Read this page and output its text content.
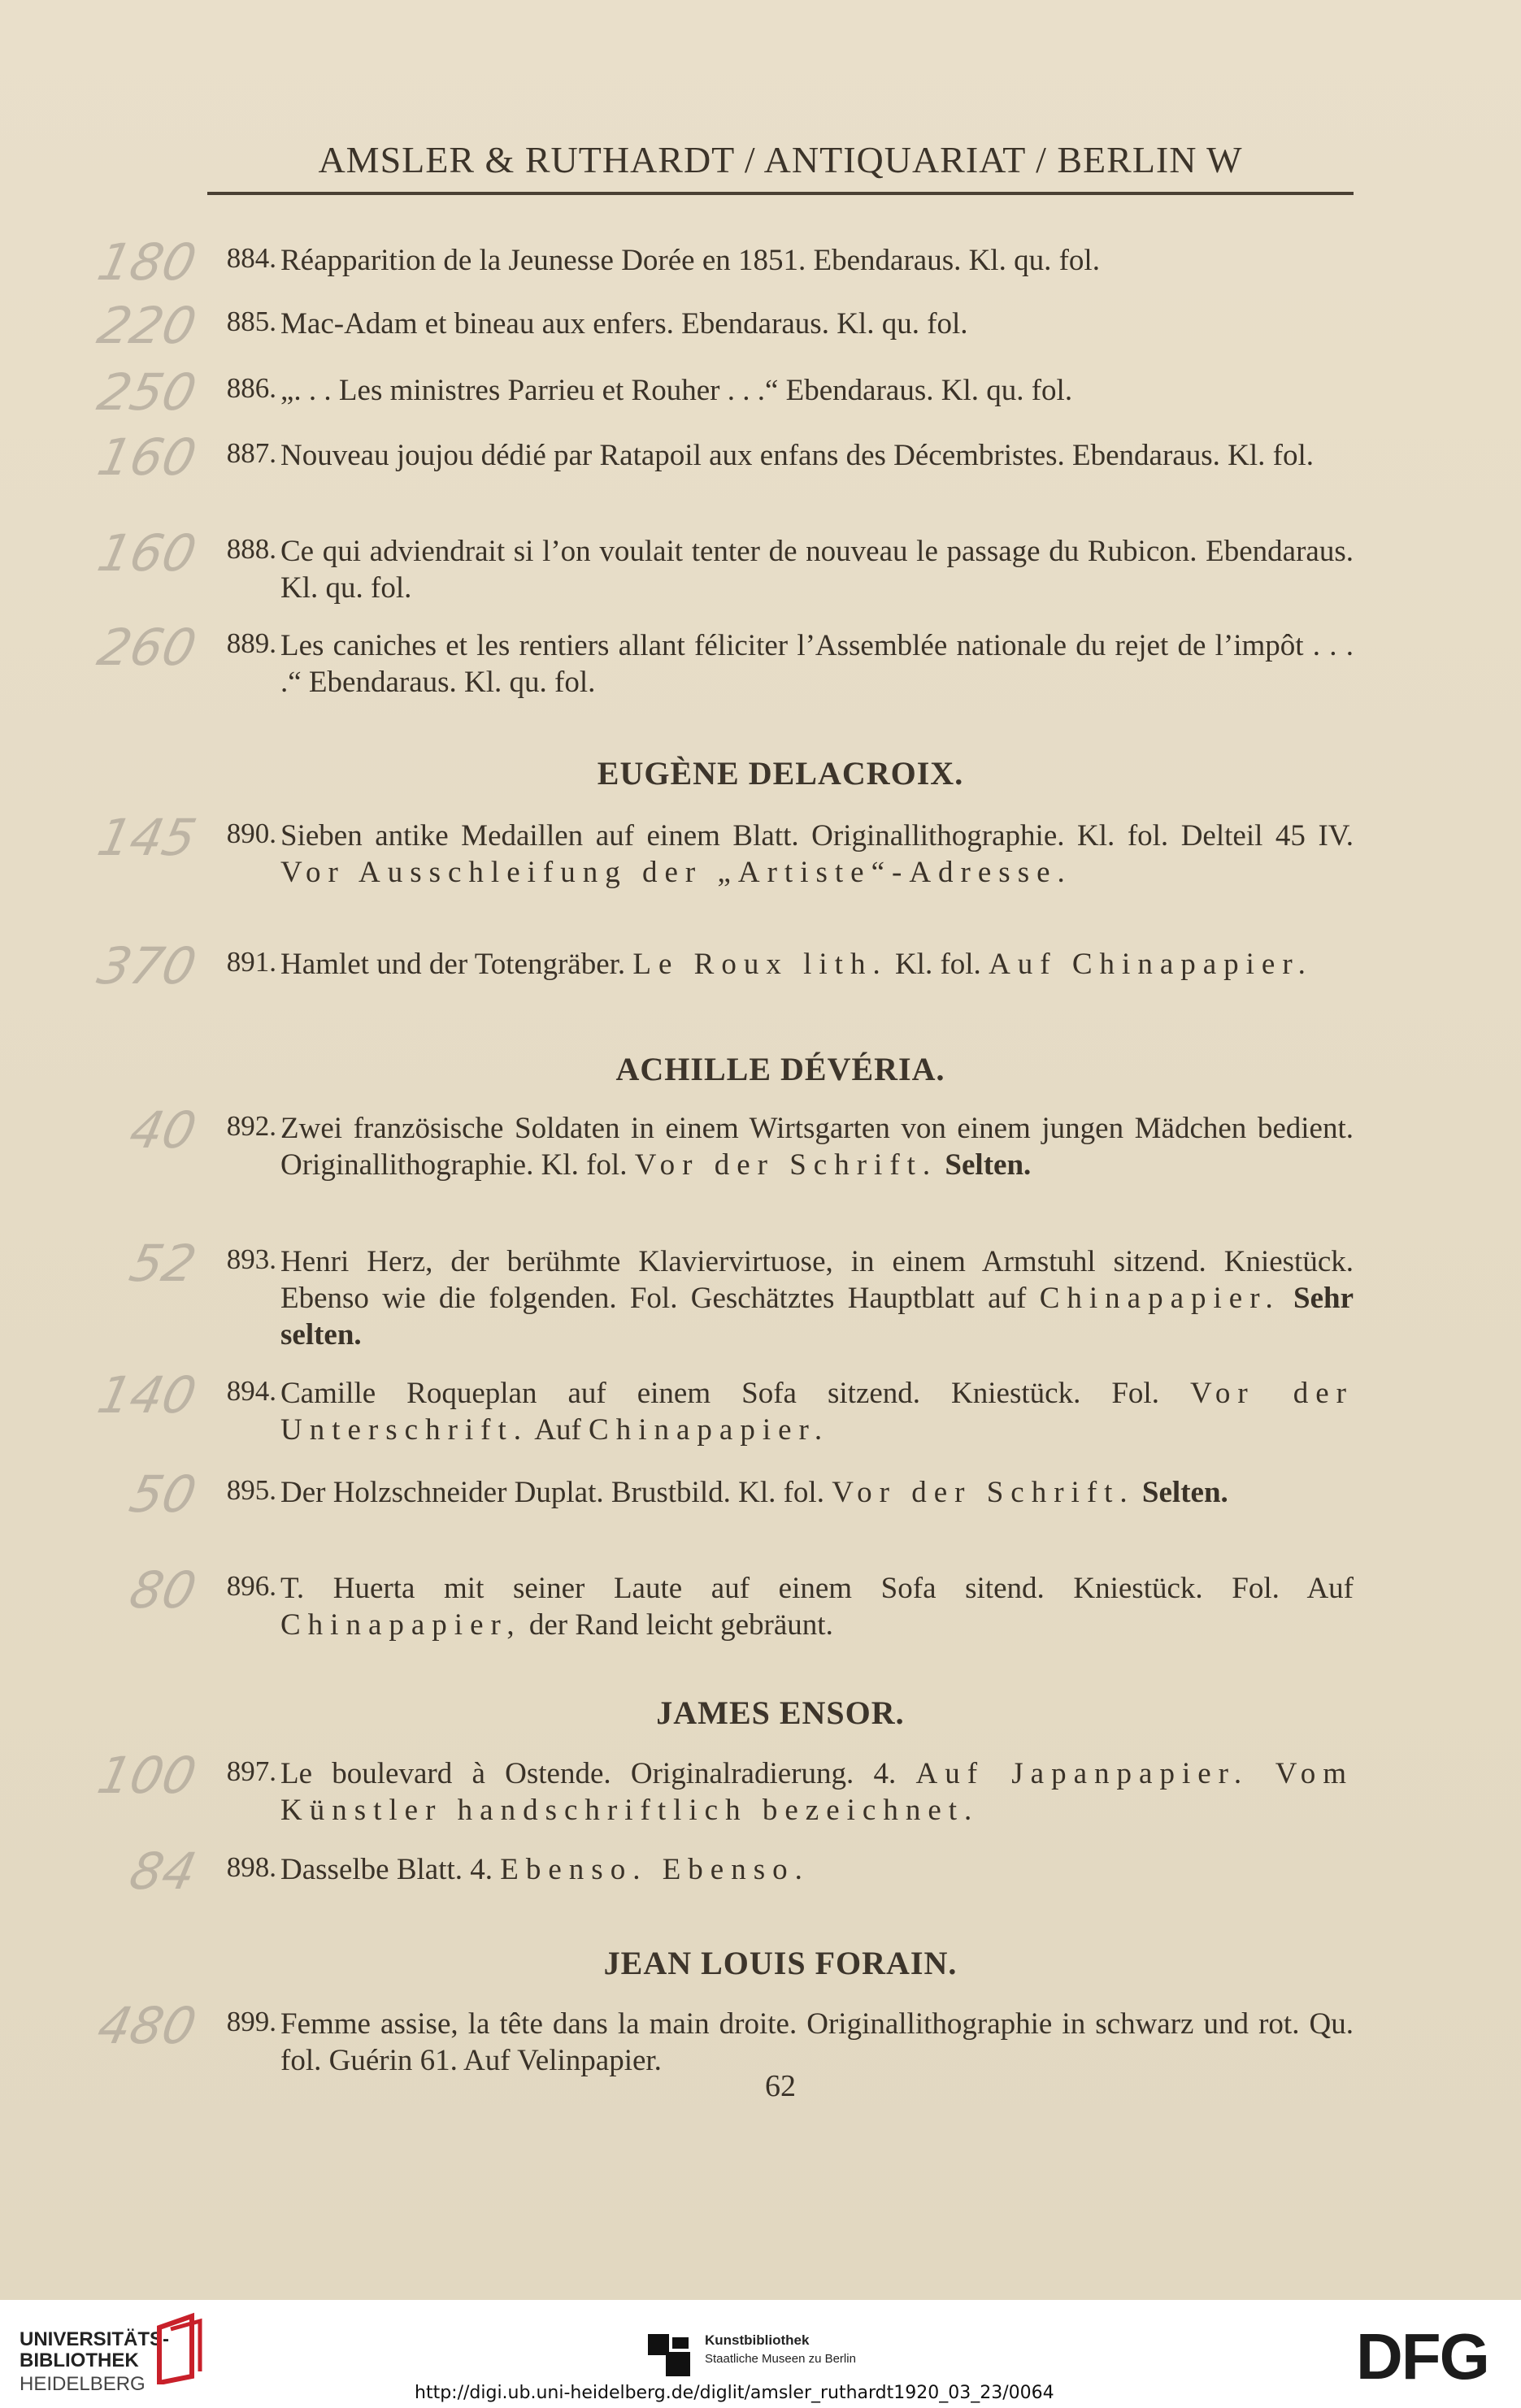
AMSLER & RUTHARDT / ANTIQUARIAT / BERLIN W
180 884. Réapparition de la Jeunesse Dorée en 1851. Ebendaraus. Kl. qu. fol.
220 885. Mac-Adam et bineau aux enfers. Ebendaraus. Kl. qu. fol.
250 886. „. . . Les ministres Parrieu et Rouher . . .“ Ebendaraus. Kl. qu. fol.
160 887. Nouveau joujou dédié par Ratapoil aux enfans des Décembristes. Ebendaraus. Kl. fol.
160 888. Ce qui adviendrait si l’on voulait tenter de nouveau le passage du Rubicon. Ebendaraus. Kl. qu. fol.
260 889. Les caniches et les rentiers allant féliciter l’Assemblée nationale du rejet de l’impôt . . . .“ Ebendaraus. Kl. qu. fol.
EUGÈNE DELACROIX.
145 890. Sieben antike Medaillen auf einem Blatt. Originallithographie. Kl. fol. Delteil 45 IV. Vor Ausschleifung der „Artiste“-Adresse.
370 891. Hamlet und der Totengräber. Le Roux lith. Kl. fol. Auf Chinapapier.
ACHILLE DÉVÉRIA.
40 892. Zwei französische Soldaten in einem Wirtsgarten von einem jungen Mädchen bedient. Originallithographie. Kl. fol. Vor der Schrift. Selten.
52 893. Henri Herz, der berühmte Klaviervirtuose, in einem Armstuhl sitzend. Kniestück. Ebenso wie die folgenden. Fol. Geschätztes Hauptblatt auf Chinapapier. Sehr selten.
140 894. Camille Roqueplan auf einem Sofa sitzend. Kniestück. Fol. Vor der Unterschrift. Auf Chinapapier.
50 895. Der Holzschneider Duplat. Brustbild. Kl. fol. Vor der Schrift. Selten.
80 896. T. Huerta mit seiner Laute auf einem Sofa sitend. Kniestück. Fol. Auf Chinapapier, der Rand leicht gebräunt.
JAMES ENSOR.
100 897. Le boulevard à Ostende. Originalradierung. 4. Auf Japanpapier. Vom Künstler handschriftlich bezeichnet.
84 898. Dasselbe Blatt. 4. Ebenso. Ebenso.
JEAN LOUIS FORAIN.
480 899. Femme assise, la tête dans la main droite. Originallithographie in schwarz und rot. Qu. fol. Guérin 61. Auf Velinpapier.
62
UNIVERSITÄTS-
BIBLIOTHEK
HEIDELBERG
Kunstbibliothek
Staatliche Museen zu Berlin	DFG
http://digi.ub.uni-heidelberg.de/diglit/amsler_ruthardt1920_03_23/0064
